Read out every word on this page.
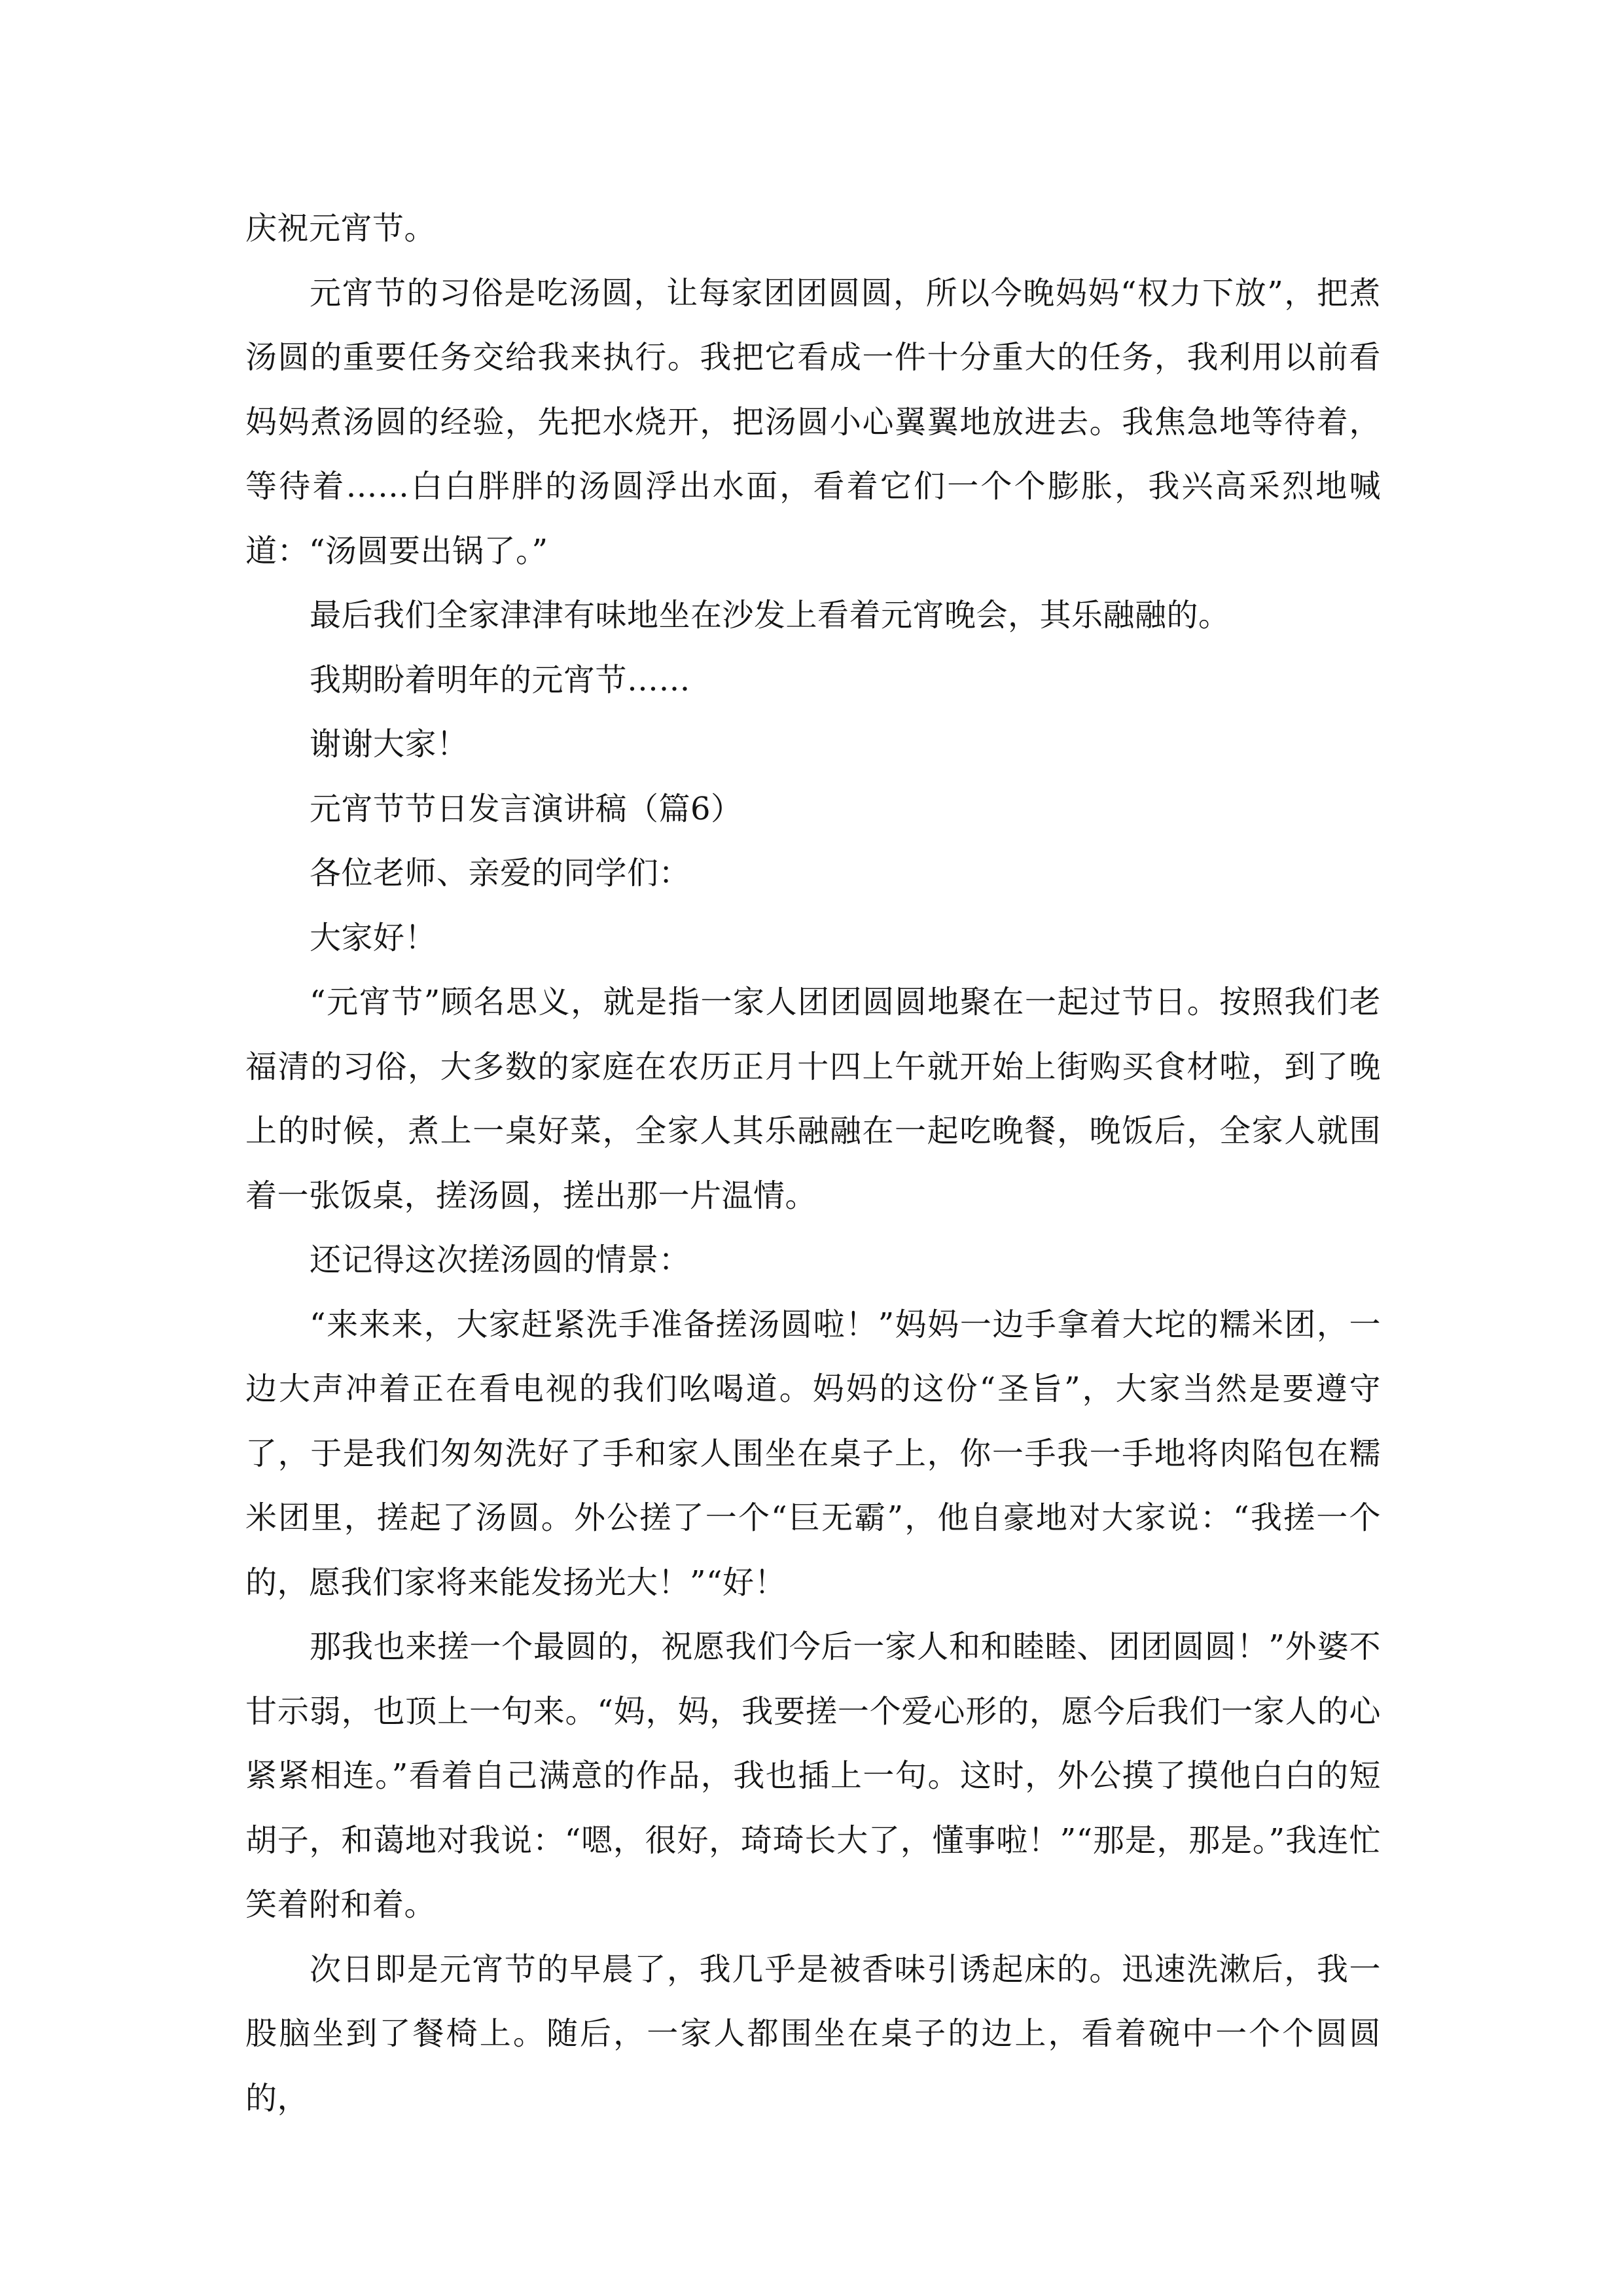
庆祝元宵节。

元宵节的习俗是吃汤圆，让每家团团圆圆，所以今晚妈妈“权力下放”，把煮汤圆的重要任务交给我来执行。我把它看成一件十分重大的任务，我利用以前看妈妈煮汤圆的经验，先把水烧开，把汤圆小心翼翼地放进去。我焦急地等待着，等待着……白白胖胖的汤圆浮出水面，看着它们一个个膨胀，我兴高采烈地喊道：“汤圆要出锅了。”

最后我们全家津津有味地坐在沙发上看着元宵晚会，其乐融融的。

我期盼着明年的元宵节……

谢谢大家！

元宵节节日发言演讲稿（篇6）

各位老师、亲爱的同学们：

大家好！

“元宵节”顾名思义，就是指一家人团团圆圆地聚在一起过节日。按照我们老福清的习俗，大多数的家庭在农历正月十四上午就开始上街购买食材啦，到了晚上的时候，煮上一桌好菜，全家人其乐融融在一起吃晚餐，晚饭后，全家人就围着一张饭桌，搓汤圆，搓出那一片温情。

还记得这次搓汤圆的情景：

“来来来，大家赶紧洗手准备搓汤圆啦！”妈妈一边手拿着大坨的糯米团，一边大声冲着正在看电视的我们吆喝道。妈妈的这份“圣旨”，大家当然是要遵守了，于是我们匆匆洗好了手和家人围坐在桌子上，你一手我一手地将肉陷包在糯米团里，搓起了汤圆。外公搓了一个“巨无霸”，他自豪地对大家说：“我搓一个的，愿我们家将来能发扬光大！”“好！

那我也来搓一个最圆的，祝愿我们今后一家人和和睦睦、团团圆圆！”外婆不甘示弱，也顶上一句来。“妈，妈，我要搓一个爱心形的，愿今后我们一家人的心紧紧相连。”看着自己满意的作品，我也插上一句。这时，外公摸了摸他白白的短胡子，和蔼地对我说：“嗯，很好，琦琦长大了，懂事啦！”“那是，那是。”我连忙笑着附和着。

次日即是元宵节的早晨了，我几乎是被香味引诱起床的。迅速洗漱后，我一股脑坐到了餐椅上。随后，一家人都围坐在桌子的边上，看着碗中一个个圆圆的，
